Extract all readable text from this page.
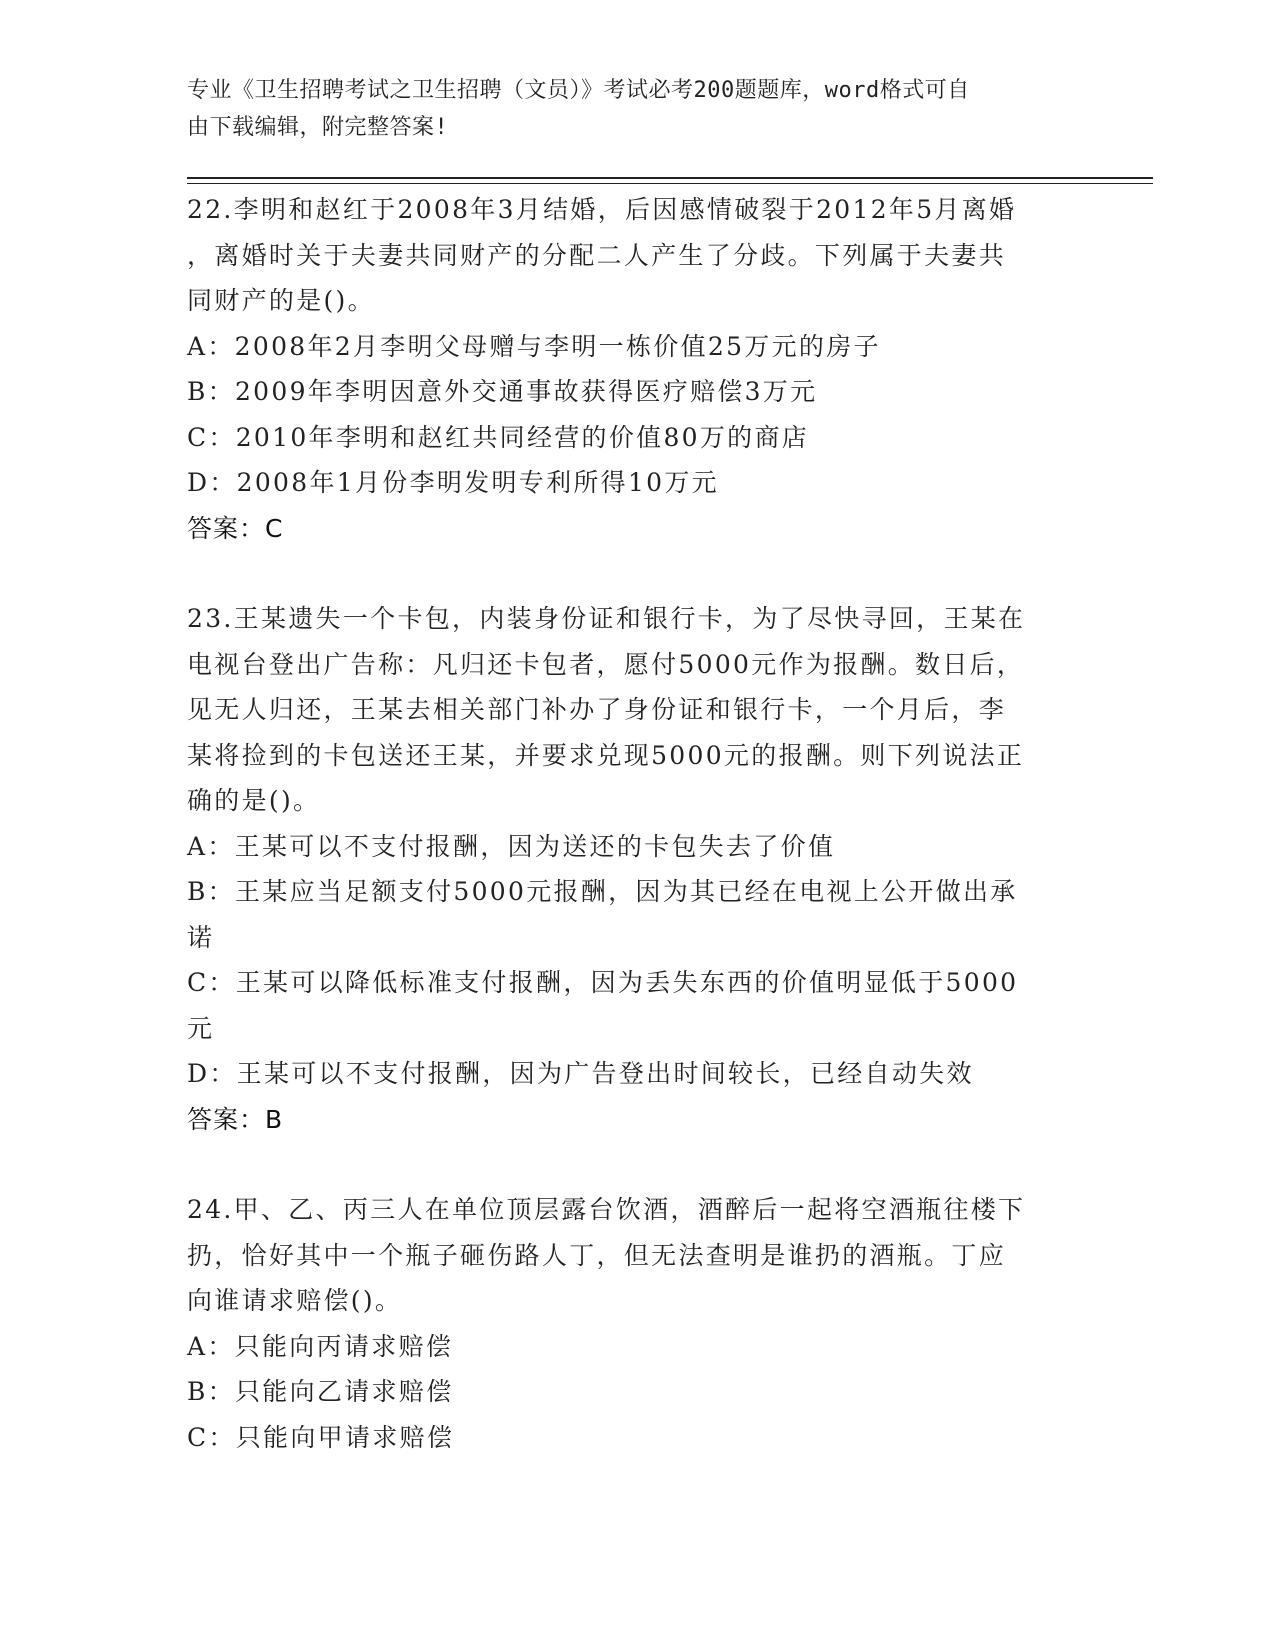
专业《卫生招聘考试之卫生招聘（文员）》考试必考200题题库，word格式可自
由下载编辑，附完整答案!

22.李明和赵红于2008年3月结婚，后因感情破裂于2012年5月离婚

，离婚时关于夫妻共同财产的分配二人产生了分歧。下列属于夫妻共

同财产的是()。

A：2008年2月李明父母赠与李明一栋价值25万元的房子

B：2009年李明因意外交通事故获得医疗赔偿3万元

C：2010年李明和赵红共同经营的价值80万的商店

D：2008年1月份李明发明专利所得10万元

答案：C

23.王某遗失一个卡包，内装身份证和银行卡，为了尽快寻回，王某在

电视台登出广告称：凡归还卡包者，愿付5000元作为报酬。数日后，

见无人归还，王某去相关部门补办了身份证和银行卡，一个月后，李

某将捡到的卡包送还王某，并要求兑现5000元的报酬。则下列说法正

确的是()。

A：王某可以不支付报酬，因为送还的卡包失去了价值

B：王某应当足额支付5000元报酬，因为其已经在电视上公开做出承

诺

C：王某可以降低标准支付报酬，因为丢失东西的价值明显低于5000

元

D：王某可以不支付报酬，因为广告登出时间较长，已经自动失效

答案：B

24.甲、乙、丙三人在单位顶层露台饮酒，酒醉后一起将空酒瓶往楼下

扔，恰好其中一个瓶子砸伤路人丁，但无法查明是谁扔的酒瓶。丁应

向谁请求赔偿()。

A：只能向丙请求赔偿

B：只能向乙请求赔偿

C：只能向甲请求赔偿
